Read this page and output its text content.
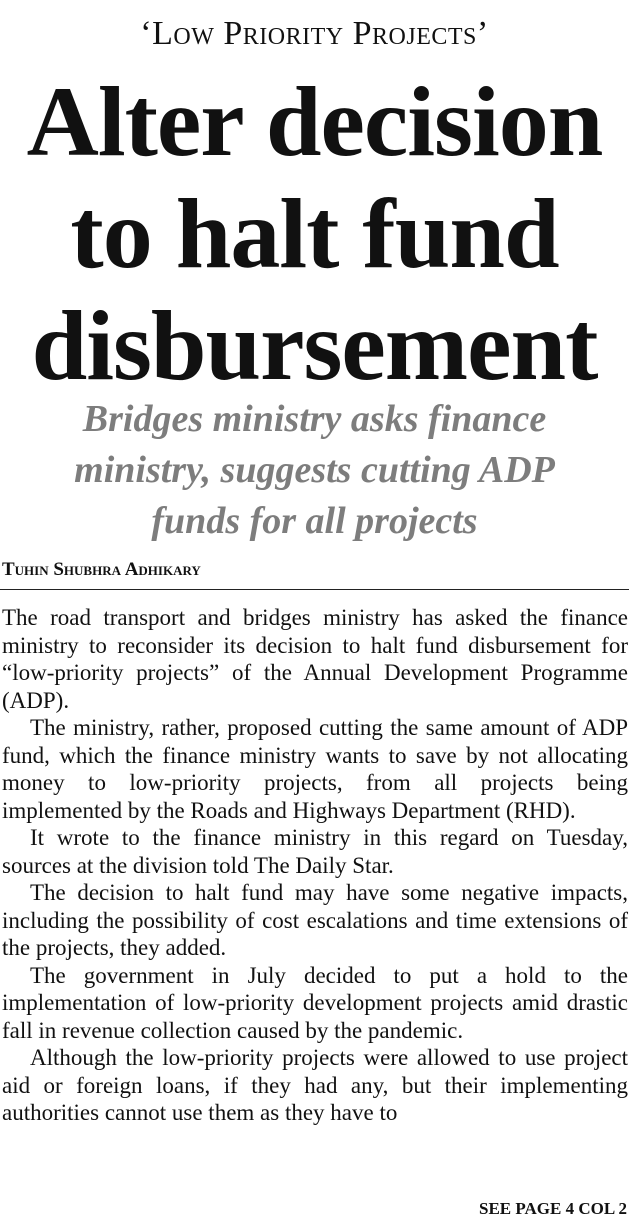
‘Low Priority Projects’
Alter decision
to halt fund
disbursement
Bridges ministry asks finance
ministry, suggests cutting ADP
funds for all projects
Tuhin Shubhra Adhikary

The road transport and bridges ministry has asked the finance ministry to reconsider its decision to halt fund disbursement for “low-priority projects” of the Annual Development Programme (ADP).

The ministry, rather, proposed cutting the same amount of ADP fund, which the finance ministry wants to save by not allocating money to low-priority projects, from all projects being implemented by the Roads and Highways Department (RHD).

It wrote to the finance ministry in this regard on Tuesday, sources at the division told The Daily Star.

The decision to halt fund may have some negative impacts, including the possibility of cost escalations and time extensions of the projects, they added.

The government in July decided to put a hold to the implementation of low-priority development projects amid drastic fall in revenue collection caused by the pandemic.

Although the low-priority projects were allowed to use project aid or foreign loans, if they had any, but their implementing authorities cannot use them as they have to

SEE PAGE 4 COL 2
